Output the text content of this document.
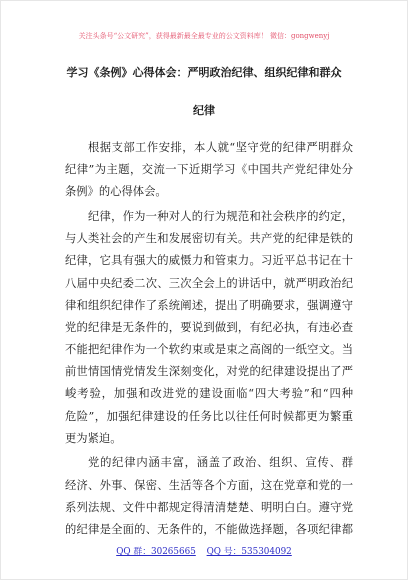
关注头条号“公文研究”，获得最新最全最专业的公文资料库！ 微信：gongwenyj
学习《条例》心得体会：严明政治纪律、组织纪律和群众
纪律
根据支部工作安排，本人就“坚守党的纪律严明群众
纪律”为主题，交流一下近期学习《中国共产党纪律处分
条例》的心得体会。
纪律，作为一种对人的行为规范和社会秩序的约定，
与人类社会的产生和发展密切有关。共产党的纪律是铁的
纪律，它具有强大的威慑力和管束力。习近平总书记在十
八届中央纪委二次、三次全会上的讲话中，就严明政治纪
律和组织纪律作了系统阐述，提出了明确要求，强调遵守
党的纪律是无条件的，要说到做到，有纪必执，有违必查
不能把纪律作为一个软约束或是束之高阁的一纸空文。当
前世情国情党情发生深刻变化，对党的纪律建设提出了严
峻考验，加强和改进党的建设面临“四大考验”和“四种
危险”，加强纪律建设的任务比以往任何时候都更为繁重
更为紧迫。
党的纪律内涵丰富，涵盖了政治、组织、宣传、群
经济、外事、保密、生活等各个方面，这在党章和党的一
系列法规、文件中都规定得清清楚楚、明明白白。遵守党
的纪律是全面的、无条件的，不能做选择题，各项纪律都
QQ 群：30265665 QQ 号：535304092
